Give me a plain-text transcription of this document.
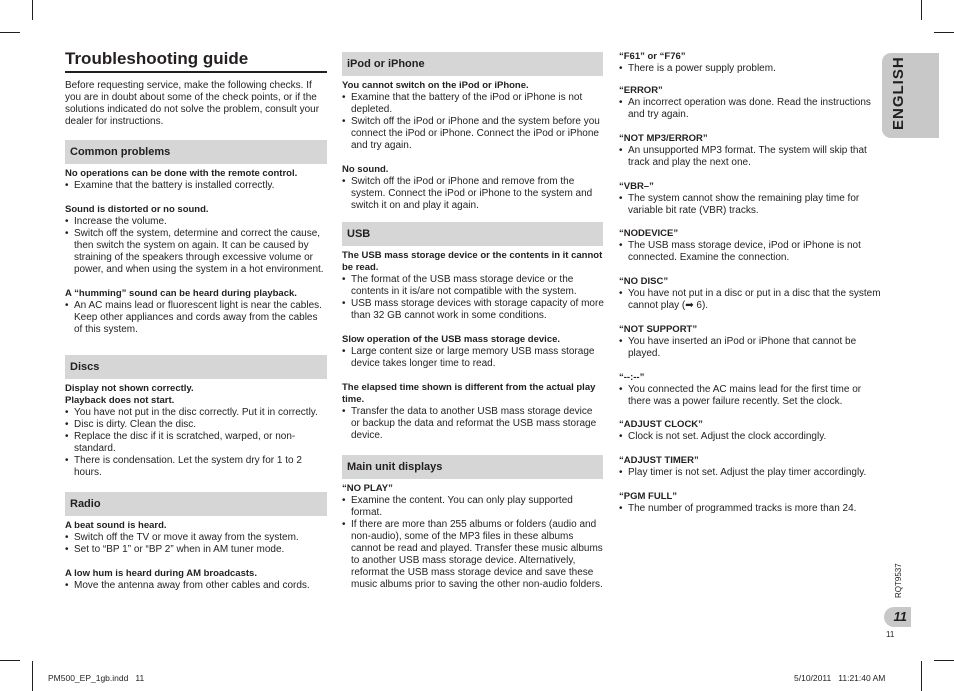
Troubleshooting guide
Before requesting service, make the following checks. If you are in doubt about some of the check points, or if the solutions indicated do not solve the problem, consult your dealer for instructions.
Common problems
No operations can be done with the remote control.
• Examine that the battery is installed correctly.
Sound is distorted or no sound.
• Increase the volume.
• Switch off the system, determine and correct the cause, then switch the system on again. It can be caused by straining of the speakers through excessive volume or power, and when using the system in a hot environment.
A “humming” sound can be heard during playback.
• An AC mains lead or fluorescent light is near the cables. Keep other appliances and cords away from the cables of this system.
Discs
Display not shown correctly.
Playback does not start.
• You have not put in the disc correctly. Put it in correctly.
• Disc is dirty. Clean the disc.
• Replace the disc if it is scratched, warped, or non-standard.
• There is condensation. Let the system dry for 1 to 2 hours.
Radio
A beat sound is heard.
• Switch off the TV or move it away from the system.
• Set to “BP 1” or “BP 2” when in AM tuner mode.
A low hum is heard during AM broadcasts.
• Move the antenna away from other cables and cords.
iPod or iPhone
You cannot switch on the iPod or iPhone.
• Examine that the battery of the iPod or iPhone is not depleted.
• Switch off the iPod or iPhone and the system before you connect the iPod or iPhone. Connect the iPod or iPhone and try again.
No sound.
• Switch off the iPod or iPhone and remove from the system. Connect the iPod or iPhone to the system and switch it on and play it again.
USB
The USB mass storage device or the contents in it cannot be read.
• The format of the USB mass storage device or the contents in it is/are not compatible with the system.
• USB mass storage devices with storage capacity of more than 32 GB cannot work in some conditions.
Slow operation of the USB mass storage device.
• Large content size or large memory USB mass storage device takes longer time to read.
The elapsed time shown is different from the actual play time.
• Transfer the data to another USB mass storage device or backup the data and reformat the USB mass storage device.
Main unit displays
“NO PLAY”
• Examine the content. You can only play supported format.
• If there are more than 255 albums or folders (audio and non-audio), some of the MP3 files in these albums cannot be read and played. Transfer these music albums to another USB mass storage device. Alternatively, reformat the USB mass storage device and save these music albums prior to saving the other non-audio folders.
“F61” or “F76”
• There is a power supply problem.
“ERROR”
• An incorrect operation was done. Read the instructions and try again.
“NOT MP3/ERROR”
• An unsupported MP3 format. The system will skip that track and play the next one.
“VBR–”
• The system cannot show the remaining play time for variable bit rate (VBR) tracks.
“NODEVICE”
• The USB mass storage device, iPod or iPhone is not connected. Examine the connection.
“NO DISC”
• You have not put in a disc or put in a disc that the system cannot play (➡ 6).
“NOT SUPPORT”
• You have inserted an iPod or iPhone that cannot be played.
“--:--”
• You connected the AC mains lead for the first time or there was a power failure recently. Set the clock.
“ADJUST CLOCK”
• Clock is not set. Adjust the clock accordingly.
“ADJUST TIMER”
• Play timer is not set. Adjust the play timer accordingly.
“PGM FULL”
• The number of programmed tracks is more than 24.
ENGLISH
RQT9537
11
11
PM500_EP_1gb.indd   11	5/10/2011   11:21:40 AM
